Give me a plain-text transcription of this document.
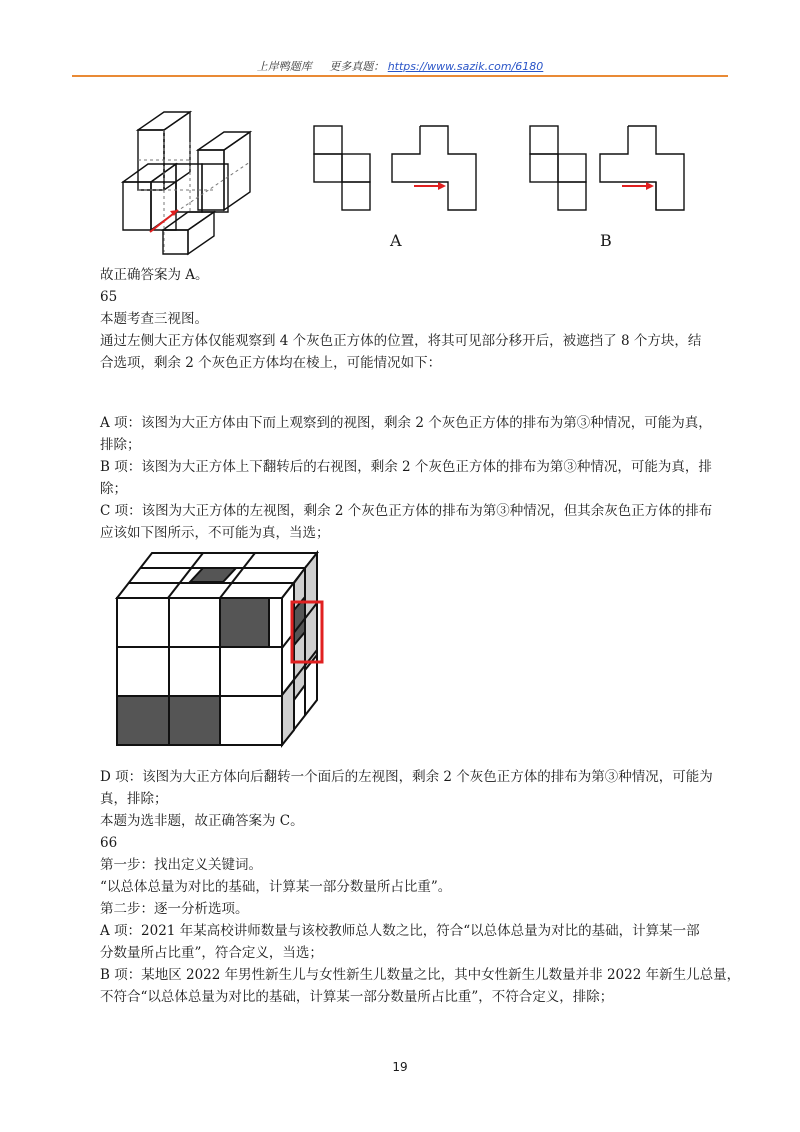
上岸鸭题库 更多真题： https://www.sazik.com/6180
A	B
故正确答案为 A。
65
本题考查三视图。
通过左侧大正方体仅能观察到 4 个灰色正方体的位置，将其可见部分移开后，被遮挡了 8 个方块，结
合选项，剩余 2 个灰色正方体均在棱上，可能情况如下：
A 项：该图为大正方体由下而上观察到的视图，剩余 2 个灰色正方体的排布为第③种情况，可能为真，
排除；
B 项：该图为大正方体上下翻转后的右视图，剩余 2 个灰色正方体的排布为第③种情况，可能为真，排
除；
C 项：该图为大正方体的左视图，剩余 2 个灰色正方体的排布为第③种情况，但其余灰色正方体的排布
应该如下图所示，不可能为真，当选；
D 项：该图为大正方体向后翻转一个面后的左视图，剩余 2 个灰色正方体的排布为第③种情况，可能为
真，排除；
本题为选非题，故正确答案为 C。
66
第一步：找出定义关键词。
“以总体总量为对比的基础，计算某一部分数量所占比重”。
第二步：逐一分析选项。
A 项：2021 年某高校讲师数量与该校教师总人数之比，符合“以总体总量为对比的基础，计算某一部
分数量所占比重”，符合定义，当选；
B 项：某地区 2022 年男性新生儿与女性新生儿数量之比，其中女性新生儿数量并非 2022 年新生儿总量，
不符合“以总体总量为对比的基础，计算某一部分数量所占比重”，不符合定义，排除；
19
